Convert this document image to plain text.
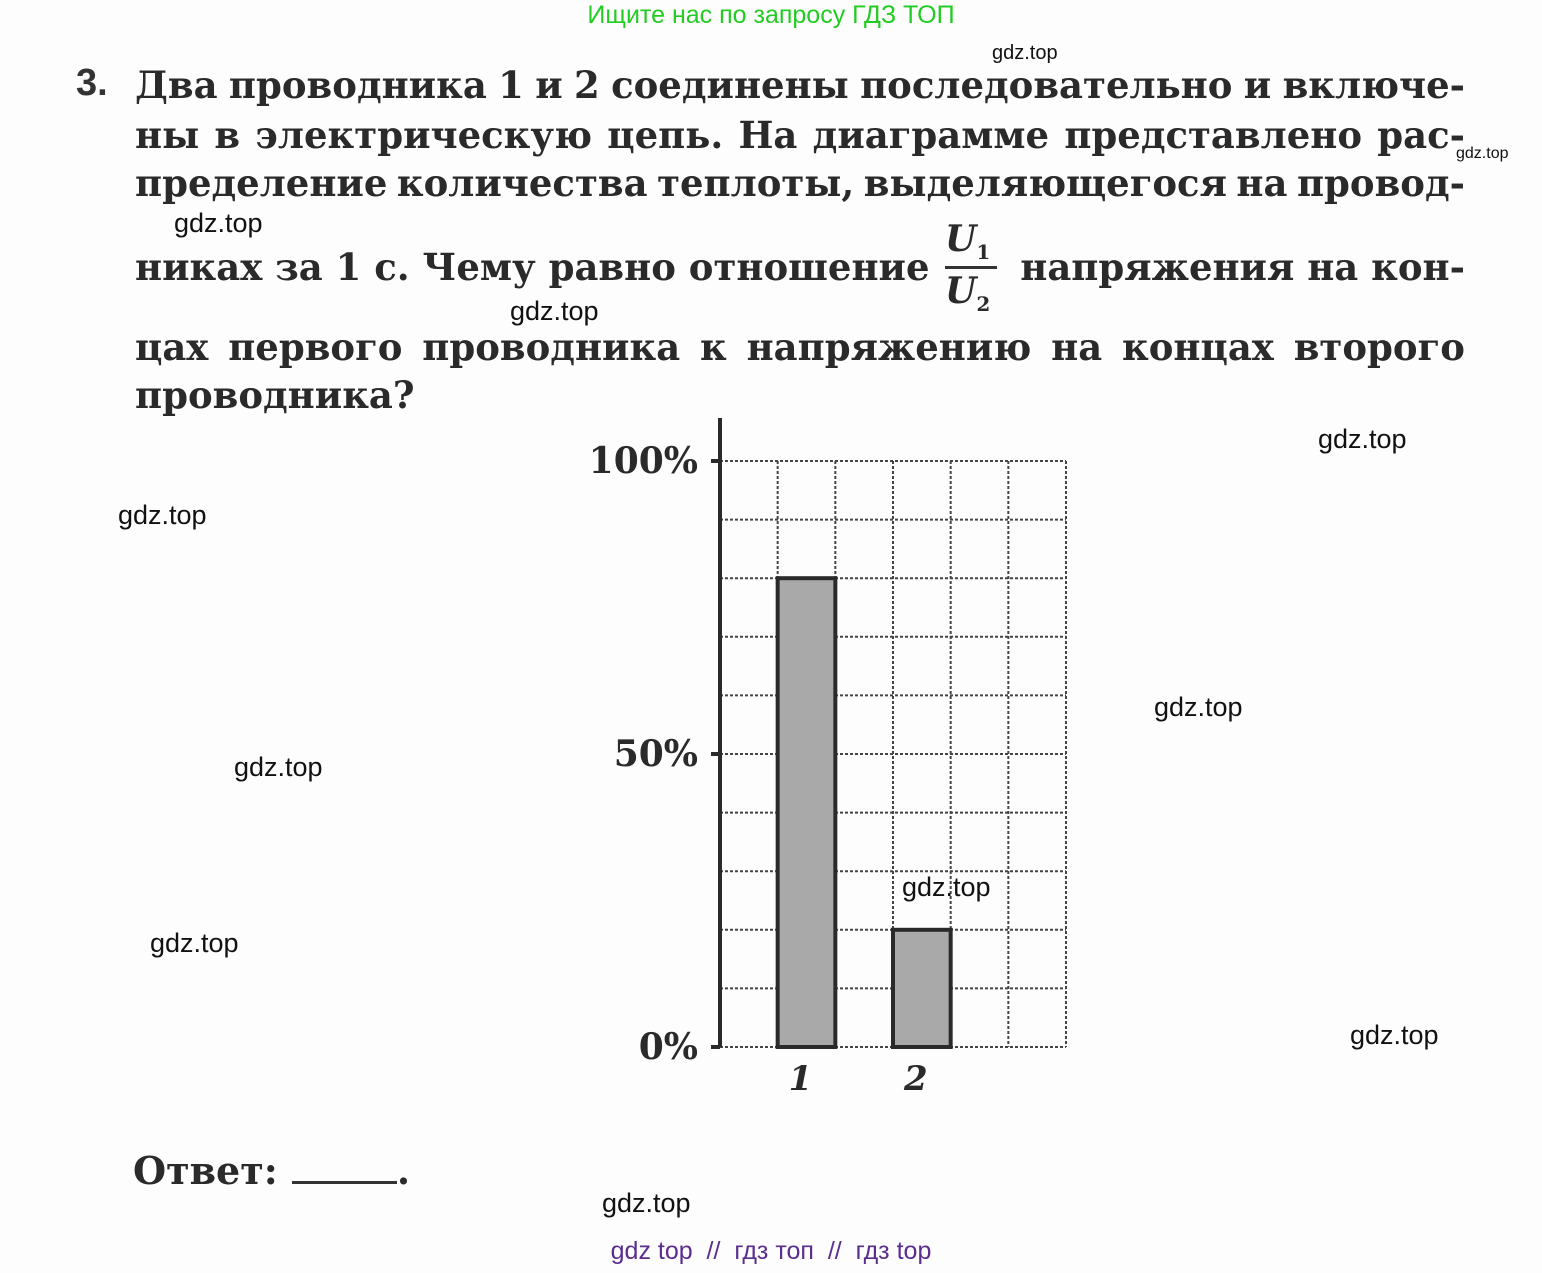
Ищите нас по запросу ГДЗ ТОП
3. Два проводника 1 и 2 соединены последовательно и включе-
ны в электрическую цепь. На диаграмме представлено рас-
пределение количества теплоты, выделяющегося на провод-
никах за 1 с. Чему равно отношение напряжения на кон-
$U_1$
$U_2$
цах первого проводника к напряжению на концах второго
проводника?
0%
50%
100%
1	2
Ответ:	.
gdz.top
gdz.top
gdz.top
gdz.top
gdz.top
gdz.top
gdz.top
gdz.top
gdz.top
gdz.top
gdz.top
gdz.top
gdz top  //  гдз топ  //  гдз top
